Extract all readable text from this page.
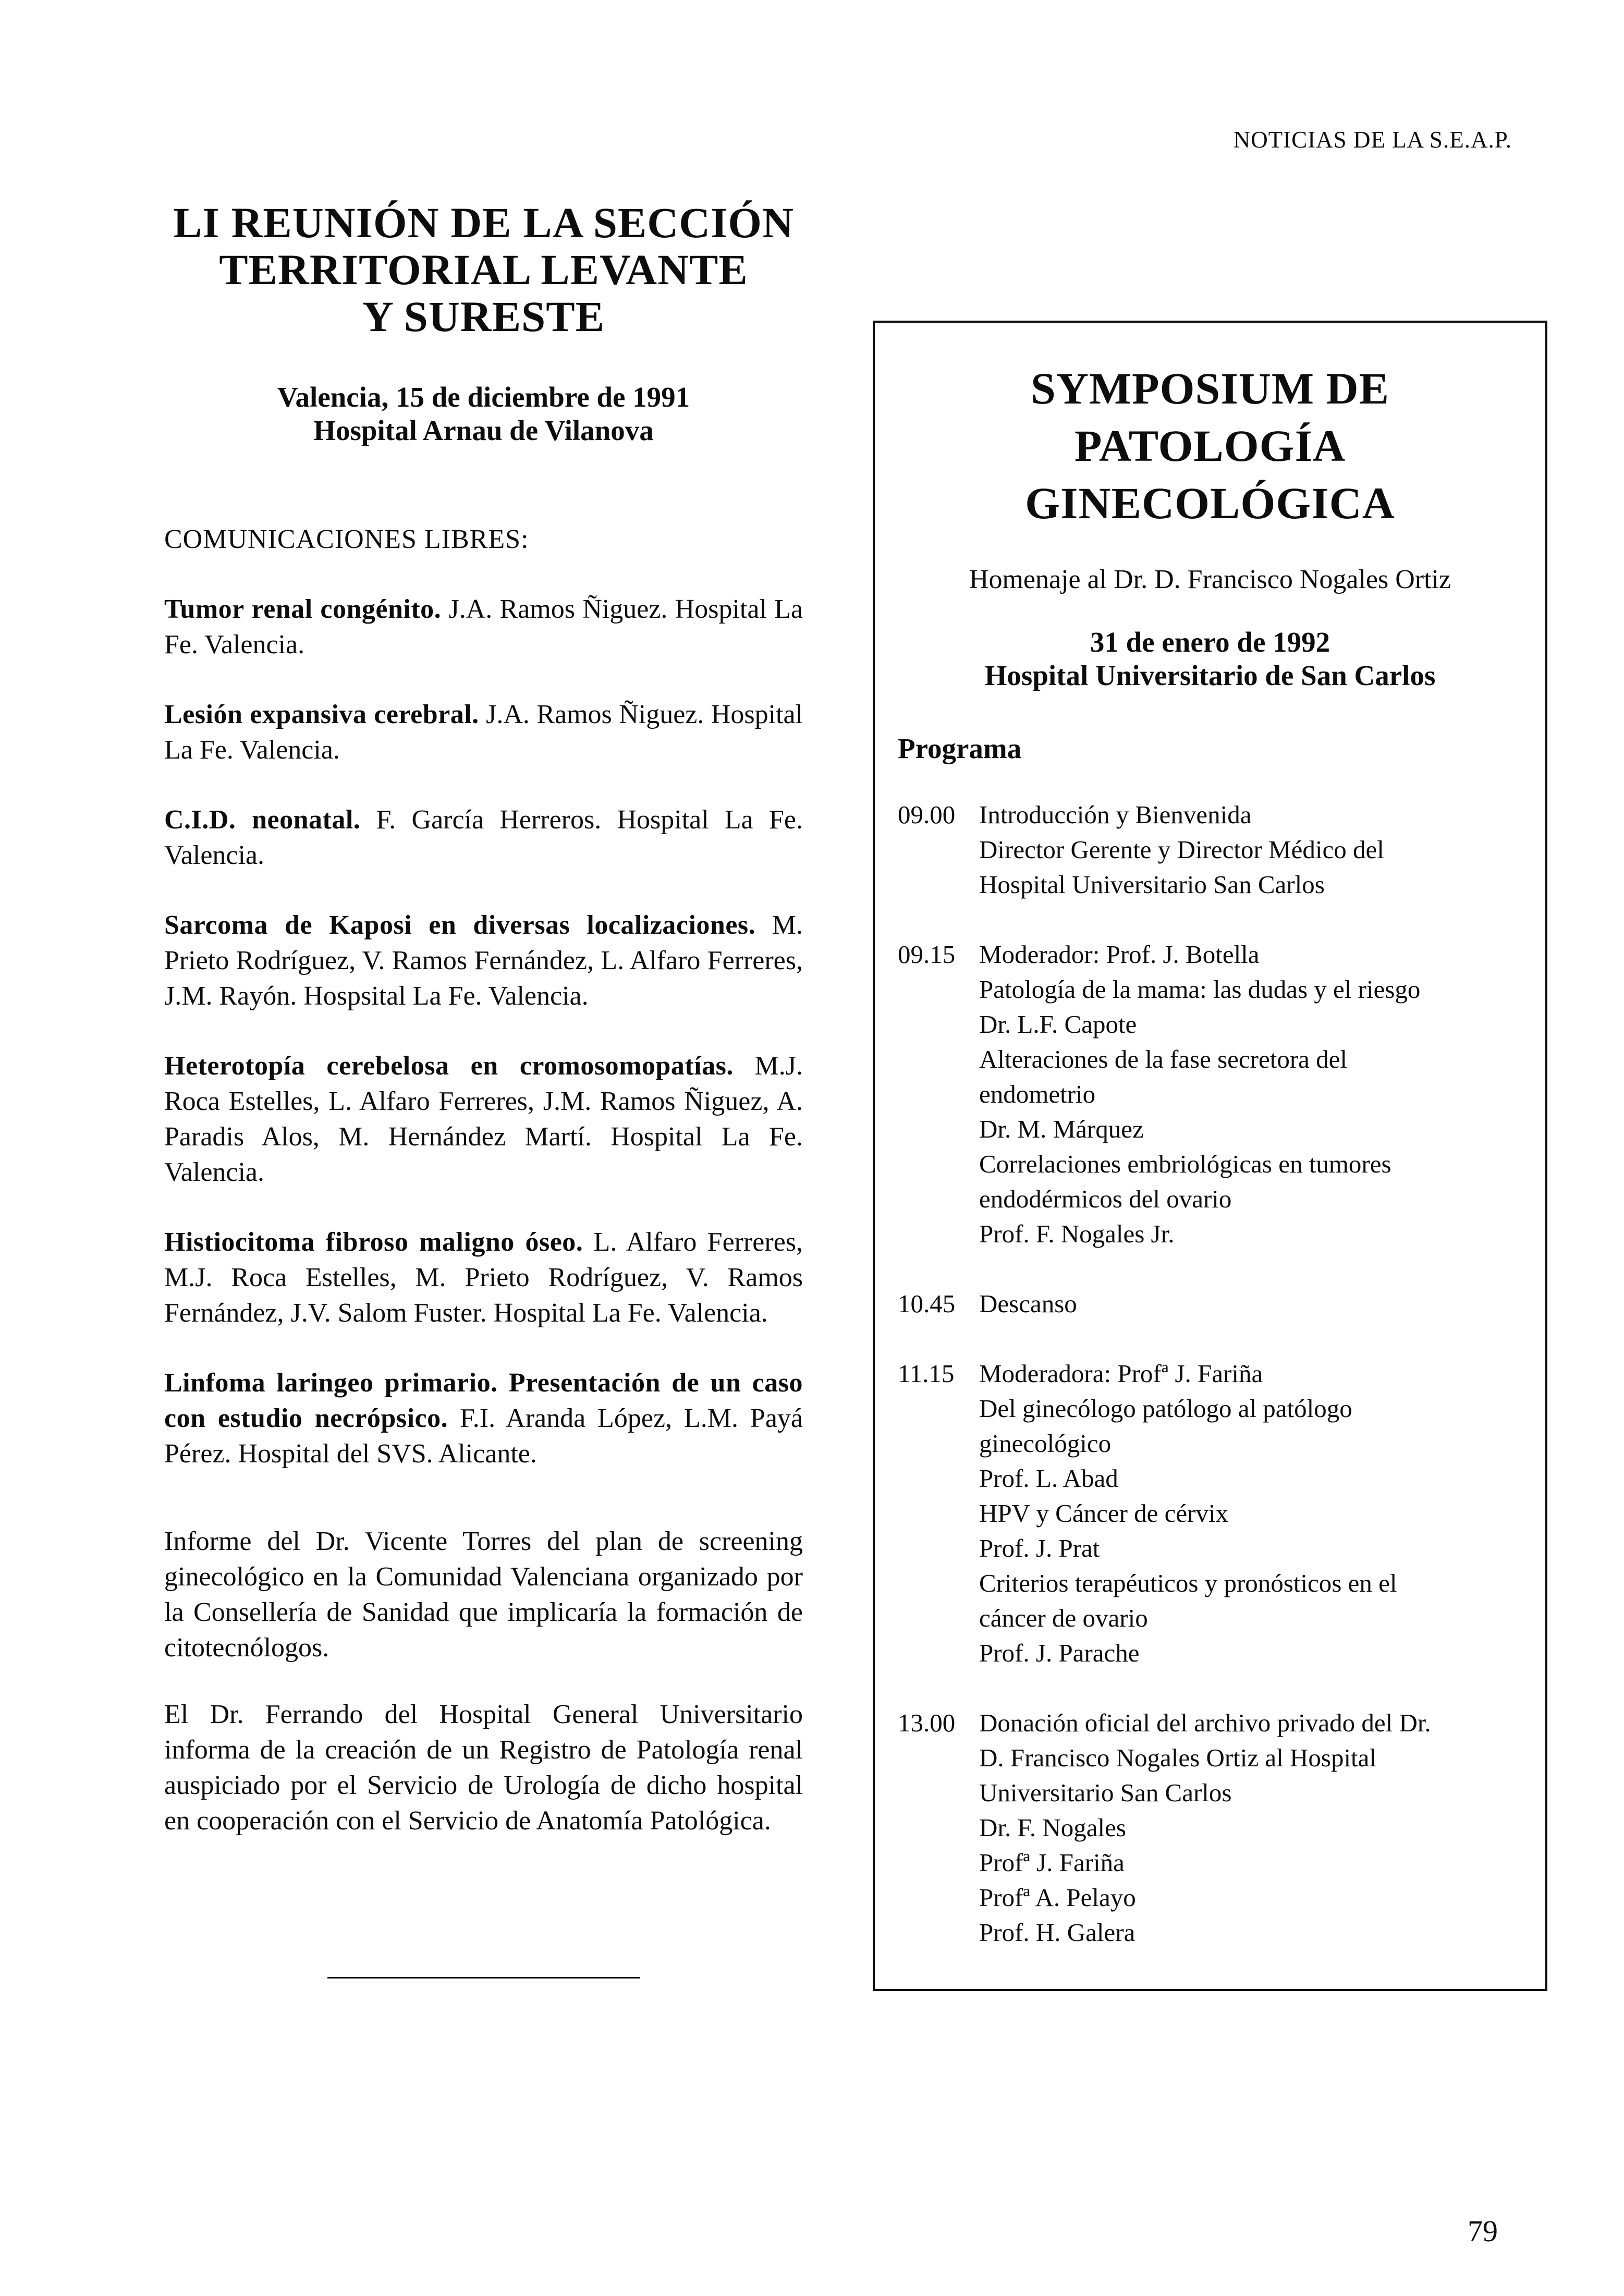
NOTICIAS DE LA S.E.A.P.
LI REUNIÓN DE LA SECCIÓN
TERRITORIAL LEVANTE
Y SURESTE
Valencia, 15 de diciembre de 1991
Hospital Arnau de Vilanova
COMUNICACIONES LIBRES:

Tumor renal congénito. J.A. Ramos Ñiguez. Hospital La Fe. Valencia.

Lesión expansiva cerebral. J.A. Ramos Ñiguez. Hospital La Fe. Valencia.

C.I.D. neonatal. F. García Herreros. Hospital La Fe. Valencia.

Sarcoma de Kaposi en diversas localizaciones. M. Prieto Rodríguez, V. Ramos Fernández, L. Alfaro Ferreres, J.M. Rayón. Hospsital La Fe. Valencia.

Heterotopía cerebelosa en cromosomopatías. M.J. Roca Estelles, L. Alfaro Ferreres, J.M. Ramos Ñiguez, A. Paradis Alos, M. Hernández Martí. Hospital La Fe. Valencia.

Histiocitoma fibroso maligno óseo. L. Alfaro Ferreres, M.J. Roca Estelles, M. Prieto Rodríguez, V. Ramos Fernández, J.V. Salom Fuster. Hospital La Fe. Valencia.

Linfoma laringeo primario. Presentación de un caso con estudio necrópsico. F.I. Aranda López, L.M. Payá Pérez. Hospital del SVS. Alicante.

Informe del Dr. Vicente Torres del plan de screening ginecológico en la Comunidad Valenciana organizado por la Consellería de Sanidad que implicaría la formación de citotecnólogos.

El Dr. Ferrando del Hospital General Universitario informa de la creación de un Registro de Patología renal auspiciado por el Servicio de Urología de dicho hospital en cooperación con el Servicio de Anatomía Patológica.

SYMPOSIUM DE
PATOLOGÍA
GINECOLÓGICA
Homenaje al Dr. D. Francisco Nogales Ortiz
31 de enero de 1992
Hospital Universitario de San Carlos
Programa
09.00 Introducción y Bienvenida
Director Gerente y Director Médico del
Hospital Universitario San Carlos
09.15 Moderador: Prof. J. Botella
Patología de la mama: las dudas y el riesgo
Dr. L.F. Capote
Alteraciones de la fase secretora del
endometrio
Dr. M. Márquez
Correlaciones embriológicas en tumores
endodérmicos del ovario
Prof. F. Nogales Jr.
10.45 Descanso
11.15 Moderadora: Profª J. Fariña
Del ginecólogo patólogo al patólogo
ginecológico
Prof. L. Abad
HPV y Cáncer de cérvix
Prof. J. Prat
Criterios terapéuticos y pronósticos en el
cáncer de ovario
Prof. J. Parache
13.00 Donación oficial del archivo privado del Dr.
D. Francisco Nogales Ortiz al Hospital
Universitario San Carlos
Dr. F. Nogales
Profª J. Fariña
Profª A. Pelayo
Prof. H. Galera
79
